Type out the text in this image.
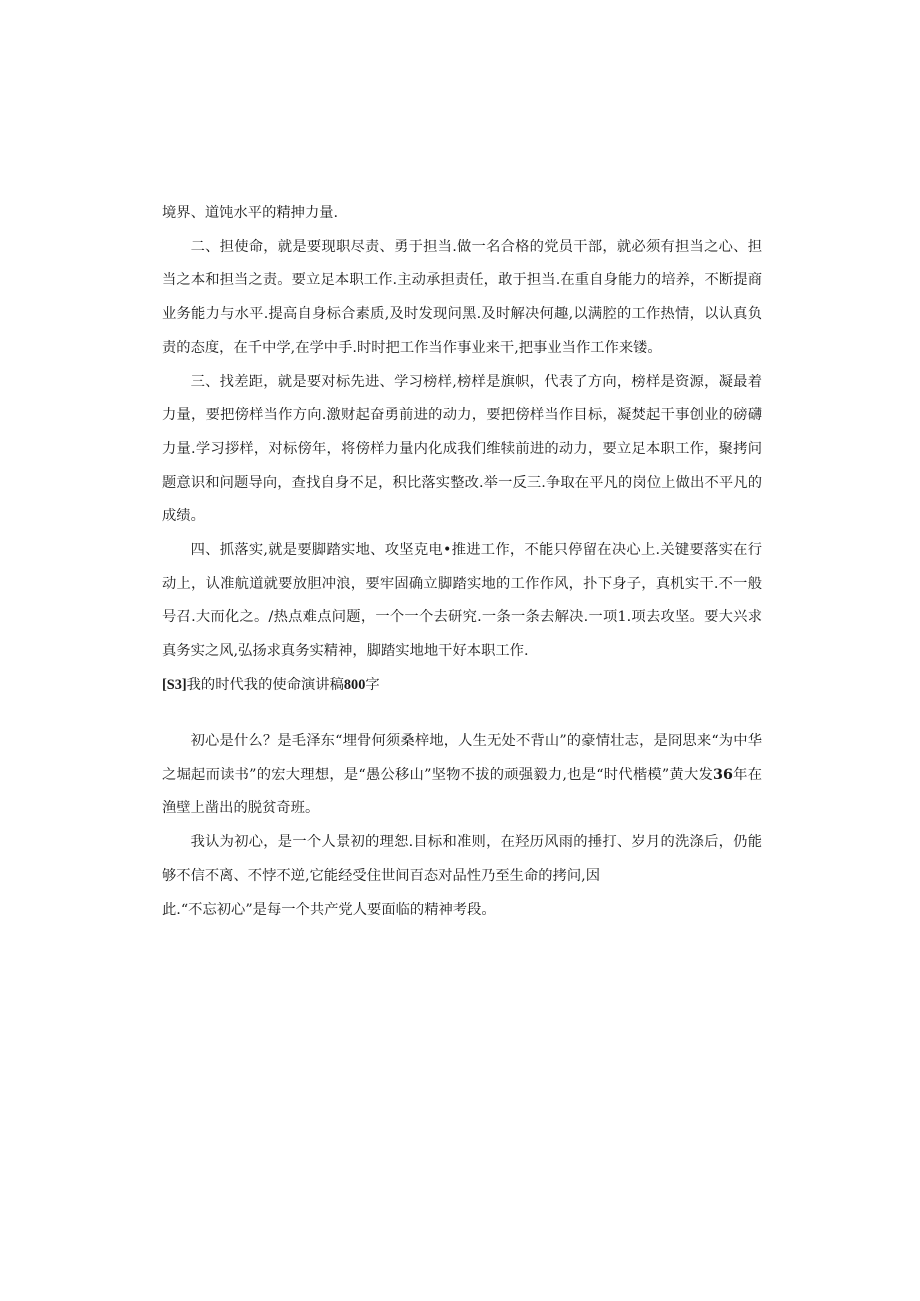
境界、道饨水平的精抻力量.

二、担使命，就是要现职尽责、勇于担当.做一名合格的党员干部，就必须有担当之心、担当之本和担当之责。要立足本职工作.主动承担责任，敢于担当.在重自身能力的培养，不断提商业务能力与水平.提高自身标合素质,及时发现问黑.及时解决何趣,以满腔的工作热情，以认真负责的态度，在千中学,在学中手.时时把工作当作事业来干,把事业当作工作来镂。

三、找差距，就是要对标先进、学习榜样,榜样是旗帜，代表了方向，榜样是资源，凝最着力量，要把傍样当作方向.激财起奋勇前进的动力，要把傍样当作目标，凝焚起干事创业的磅礴力量.学习拶样，对标傍年，将傍样力量内化成我们维犊前进的动力，要立足本职工作，聚拷问题意识和问题导向，查找自身不足，积比落实整改.举一反三.争取在平凡的岗位上做出不平凡的成绩。

四、抓落实,就是要脚踏实地、攻坚克电•推进工作，不能只停留在决心上.关键要落实在行动上，认准航道就要放胆冲浪，要牢固确立脚踏实地的工作作风，扑下身子，真机实干.不一般号召.大而化之。/热点难点问题，一个一个去研究.一条一条去解决.一项1.项去攻坚。要大兴求真务实之风,弘扬求真务实精神，脚踏实地地干好本职工作.

[S3]我的时代我的使命演讲稿800字

初心是什么？是毛泽东“埋骨何须桑梓地，人生无处不背山”的豪情壮志，是冏思来“为中华之堀起而读书”的宏大理想，是“愚公移山”坚物不拔的顽强毅力,也是“时代楷模”黄大发36年在渔壁上凿出的脱贫奇班。

我认为初心，是一个人景初的理恕.目标和准则，在羟历风雨的捶打、岁月的洗涤后，仍能够不信不离、不悖不逆,它能经受住世间百态对品性乃至生命的拷问,因
此.“不忘初心”是每一个共产党人要面临的精神考段。
